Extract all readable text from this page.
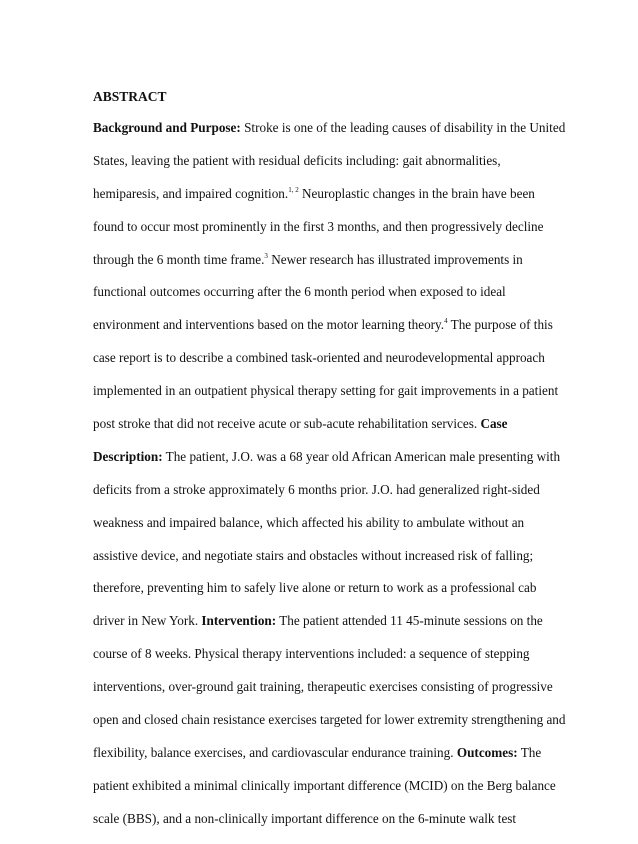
ABSTRACT
Background and Purpose: Stroke is one of the leading causes of disability in the United
States, leaving the patient with residual deficits including: gait abnormalities,
hemiparesis, and impaired cognition.$^{1, 2}$ Neuroplastic changes in the brain have been
found to occur most prominently in the first 3 months, and then progressively decline
through the 6 month time frame.$^3$ Newer research has illustrated improvements in
functional outcomes occurring after the 6 month period when exposed to ideal
environment and interventions based on the motor learning theory.$^4$ The purpose of this
case report is to describe a combined task-oriented and neurodevelopmental approach
implemented in an outpatient physical therapy setting for gait improvements in a patient
post stroke that did not receive acute or sub-acute rehabilitation services. Case
Description: The patient, J.O. was a 68 year old African American male presenting with
deficits from a stroke approximately 6 months prior. J.O. had generalized right-sided
weakness and impaired balance, which affected his ability to ambulate without an
assistive device, and negotiate stairs and obstacles without increased risk of falling;
therefore, preventing him to safely live alone or return to work as a professional cab
driver in New York. Intervention: The patient attended 11 45-minute sessions on the
course of 8 weeks. Physical therapy interventions included: a sequence of stepping
interventions, over-ground gait training, therapeutic exercises consisting of progressive
open and closed chain resistance exercises targeted for lower extremity strengthening and
flexibility, balance exercises, and cardiovascular endurance training. Outcomes: The
patient exhibited a minimal clinically important difference (MCID) on the Berg balance
scale (BBS), and a non-clinically important difference on the 6-minute walk test
